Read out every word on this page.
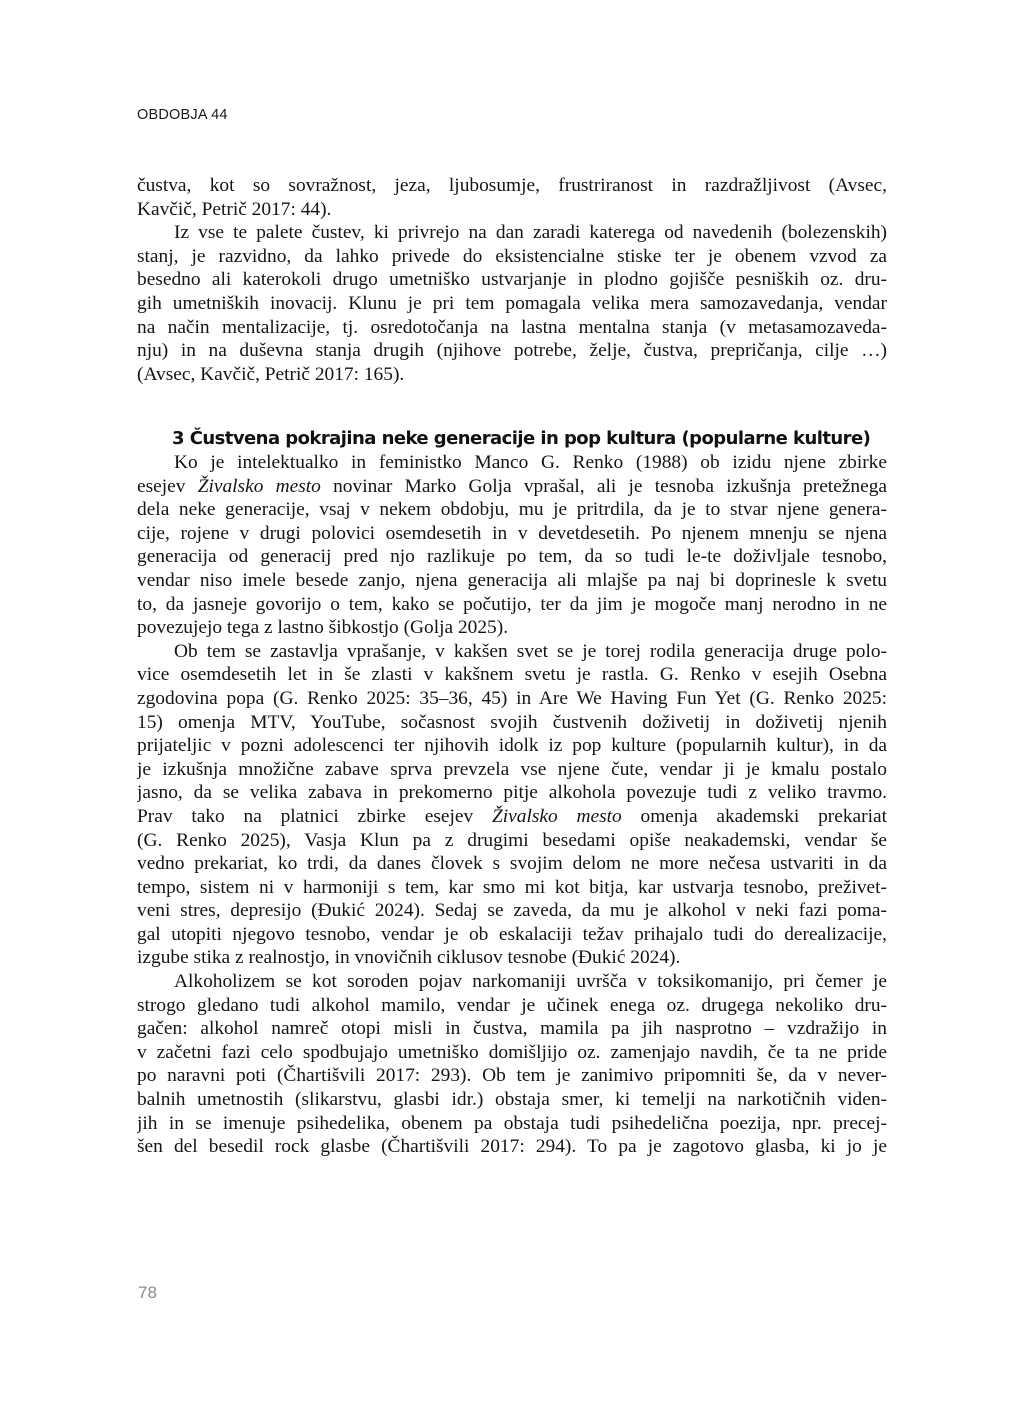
OBDOBJA 44
čustva, kot so sovražnost, jeza, ljubosumje, frustriranost in razdražljivost (Avsec,
Kavčič, Petrič 2017: 44).
Iz vse te palete čustev, ki privrejo na dan zaradi katerega od navedenih (bolezenskih)
stanj, je razvidno, da lahko privede do eksistencialne stiske ter je obenem vzvod za
besedno ali katerokoli drugo umetniško ustvarjanje in plodno gojišče pesniških oz. dru-
gih umetniških inovacij. Klunu je pri tem pomagala velika mera samozavedanja, vendar
na način mentalizacije, tj. osredotočanja na lastna mentalna stanja (v metasamozaveda-
nju) in na duševna stanja drugih (njihove potrebe, želje, čustva, prepričanja, cilje …)
(Avsec, Kavčič, Petrič 2017: 165).
3 Čustvena pokrajina neke generacije in pop kultura (popularne kulture)
Ko je intelektualko in feministko Manco G. Renko (1988) ob izidu njene zbirke
esejev Živalsko mesto novinar Marko Golja vprašal, ali je tesnoba izkušnja pretežnega
dela neke generacije, vsaj v nekem obdobju, mu je pritrdila, da je to stvar njene genera-
cije, rojene v drugi polovici osemdesetih in v devetdesetih. Po njenem mnenju se njena
generacija od generacij pred njo razlikuje po tem, da so tudi le-te doživljale tesnobo,
vendar niso imele besede zanjo, njena generacija ali mlajše pa naj bi doprinesle k svetu
to, da jasneje govorijo o tem, kako se počutijo, ter da jim je mogoče manj nerodno in ne
povezujejo tega z lastno šibkostjo (Golja 2025).
Ob tem se zastavlja vprašanje, v kakšen svet se je torej rodila generacija druge polo-
vice osemdesetih let in še zlasti v kakšnem svetu je rastla. G. Renko v esejih Osebna
zgodovina popa (G. Renko 2025: 35–36, 45) in Are We Having Fun Yet (G. Renko 2025:
15) omenja MTV, YouTube, sočasnost svojih čustvenih doživetij in doživetij njenih
prijateljic v pozni adolescenci ter njihovih idolk iz pop kulture (popularnih kultur), in da
je izkušnja množične zabave sprva prevzela vse njene čute, vendar ji je kmalu postalo
jasno, da se velika zabava in prekomerno pitje alkohola povezuje tudi z veliko travmo.
Prav tako na platnici zbirke esejev Živalsko mesto omenja akademski prekariat
(G. Renko 2025), Vasja Klun pa z drugimi besedami opiše neakademski, vendar še
vedno prekariat, ko trdi, da danes človek s svojim delom ne more nečesa ustvariti in da
tempo, sistem ni v harmoniji s tem, kar smo mi kot bitja, kar ustvarja tesnobo, preživet-
veni stres, depresijo (Đukić 2024). Sedaj se zaveda, da mu je alkohol v neki fazi poma-
gal utopiti njegovo tesnobo, vendar je ob eskalaciji težav prihajalo tudi do derealizacije,
izgube stika z realnostjo, in vnovičnih ciklusov tesnobe (Đukić 2024).
Alkoholizem se kot soroden pojav narkomaniji uvršča v toksikomanijo, pri čemer je
strogo gledano tudi alkohol mamilo, vendar je učinek enega oz. drugega nekoliko dru-
gačen: alkohol namreč otopi misli in čustva, mamila pa jih nasprotno – vzdražijo in
v začetni fazi celo spodbujajo umetniško domišljijo oz. zamenjajo navdih, če ta ne pride
po naravni poti (Čhartišvili 2017: 293). Ob tem je zanimivo pripomniti še, da v never-
balnih umetnostih (slikarstvu, glasbi idr.) obstaja smer, ki temelji na narkotičnih viden-
jih in se imenuje psihedelika, obenem pa obstaja tudi psihedelična poezija, npr. precej-
šen del besedil rock glasbe (Čhartišvili 2017: 294). To pa je zagotovo glasba, ki jo je
78
